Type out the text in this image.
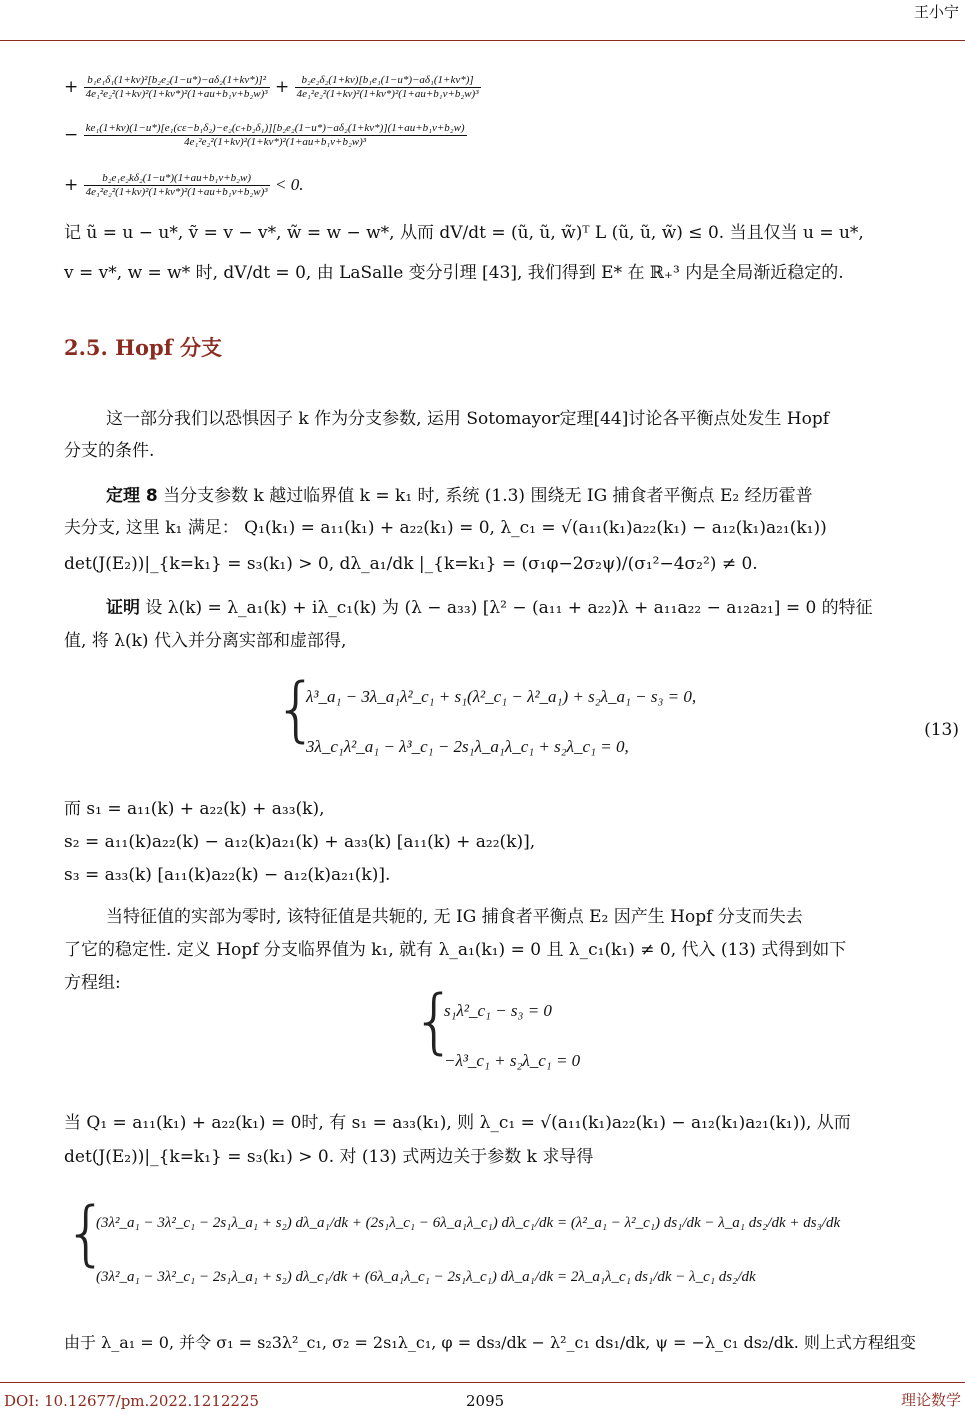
王小宁
+ $\frac{\text{b₁e₁δ₁(1+kv)²[b₂e₂(1−u*)−aδ₂(1+kv*)]²}}{\text{4e₁²e₂²(1+kv)²(1+kv*)²(1+au+b₁v+b₂w)³}} + \frac{\text{b₂e₂δ₂(1+kv)[b₁e₁(1−u*)−aδ₁(1+kv*)]}}{\text{4e₁²e₂²(1+kv)²(1+kv*)²(1+au+b₁v+b₂w)³}}$
− ke₁(1+kv)(1−u*)[e₁(cε−b₁δ₂)−e₂(c₊b₂δ₁)][b₂e₂(1−u*)−aδ₂(1+kv*)](1+au+b₁v+b₂w)
4e₁²e₂²(1+kv)²(1+kv*)²(1+au+b₁v+b₂w)³
+ $\frac{\text{b₂e₁e₂kδ₂(1−u*)(1+au+b₁v+b₂w)}}{\text{4e₁²e₂²(1+kv)²(1+kv*)²(1+au+b₁v+b₂w)³}} < 0$.
记 ũ = u − u*, ṽ = v − v*, w̃ = w − w*, 从而 dV/dt = (ũ, ũ, w̃)ᵀ L (ũ, ũ, w̃) ≤ 0. 当且仅当 u = u*,
v = v*, w = w* 时, dV/dt = 0, 由 LaSalle 变分引理 [43], 我们得到 E* 在 ℝ₊³ 内是全局渐近稳定的.
2.5. Hopf 分支
这一部分我们以恐惧因子 k 作为分支参数, 运用 Sotomayor定理[44]讨论各平衡点处发生 Hopf
分支的条件.
定理 8 当分支参数 k 越过临界值 k = k₁ 时, 系统 (1.3) 围绕无 IG 捕食者平衡点 E₂ 经历霍普
夫分支, 这里 k₁ 满足： Q₁(k₁) = a₁₁(k₁) + a₂₂(k₁) = 0, λ_c₁ = √(a₁₁(k₁)a₂₂(k₁) − a₁₂(k₁)a₂₁(k₁))
det(J(E₂))|_{k=k₁} = s₃(k₁) > 0, dλ_a₁/dk |_{k=k₁} = (σ₁φ−2σ₂ψ)/(σ₁²−4σ₂²) ≠ 0.
证明 设 λ(k) = λ_a₁(k) + iλ_c₁(k) 为 (λ − a₃₃) [λ² − (a₁₁ + a₂₂)λ + a₁₁a₂₂ − a₁₂a₂₁] = 0 的特征
值, 将 λ(k) 代入并分离实部和虚部得,
{
λ³_a₁ − 3λ_a₁λ²_c₁ + s₁(λ²_c₁ − λ²_a₁) + s₂λ_a₁ − s₃ = 0,
3λ_c₁λ²_a₁ − λ³_c₁ − 2s₁λ_a₁λ_c₁ + s₂λ_c₁ = 0,
(13)
而 s₁ = a₁₁(k) + a₂₂(k) + a₃₃(k),
s₂ = a₁₁(k)a₂₂(k) − a₁₂(k)a₂₁(k) + a₃₃(k) [a₁₁(k) + a₂₂(k)],
s₃ = a₃₃(k) [a₁₁(k)a₂₂(k) − a₁₂(k)a₂₁(k)].
当特征值的实部为零时, 该特征值是共轭的, 无 IG 捕食者平衡点 E₂ 因产生 Hopf 分支而失去
了它的稳定性. 定义 Hopf 分支临界值为 k₁, 就有 λ_a₁(k₁) = 0 且 λ_c₁(k₁) ≠ 0, 代入 (13) 式得到如下
方程组:	{
s₁λ²_c₁ − s₃ = 0
−λ³_c₁ + s₂λ_c₁ = 0
当 Q₁ = a₁₁(k₁) + a₂₂(k₁) = 0时, 有 s₁ = a₃₃(k₁), 则 λ_c₁ = √(a₁₁(k₁)a₂₂(k₁) − a₁₂(k₁)a₂₁(k₁)), 从而
det(J(E₂))|_{k=k₁} = s₃(k₁) > 0. 对 (13) 式两边关于参数 k 求导得
{
(3λ²_a₁ − 3λ²_c₁ − 2s₁λ_a₁ + s₂) dλ_a₁/dk + (2s₁λ_c₁ − 6λ_a₁λ_c₁) dλ_c₁/dk = (λ²_a₁ − λ²_c₁) ds₁/dk − λ_a₁ ds₂/dk + ds₃/dk
(3λ²_a₁ − 3λ²_c₁ − 2s₁λ_a₁ + s₂) dλ_c₁/dk + (6λ_a₁λ_c₁ − 2s₁λ_c₁) dλ_a₁/dk = 2λ_a₁λ_c₁ ds₁/dk − λ_c₁ ds₂/dk
由于 λ_a₁ = 0, 并令 σ₁ = s₂3λ²_c₁, σ₂ = 2s₁λ_c₁, φ = ds₃/dk − λ²_c₁ ds₁/dk, ψ = −λ_c₁ ds₂/dk. 则上式方程组变
DOI: 10.12677/pm.2022.1212225	2095	理论数学
